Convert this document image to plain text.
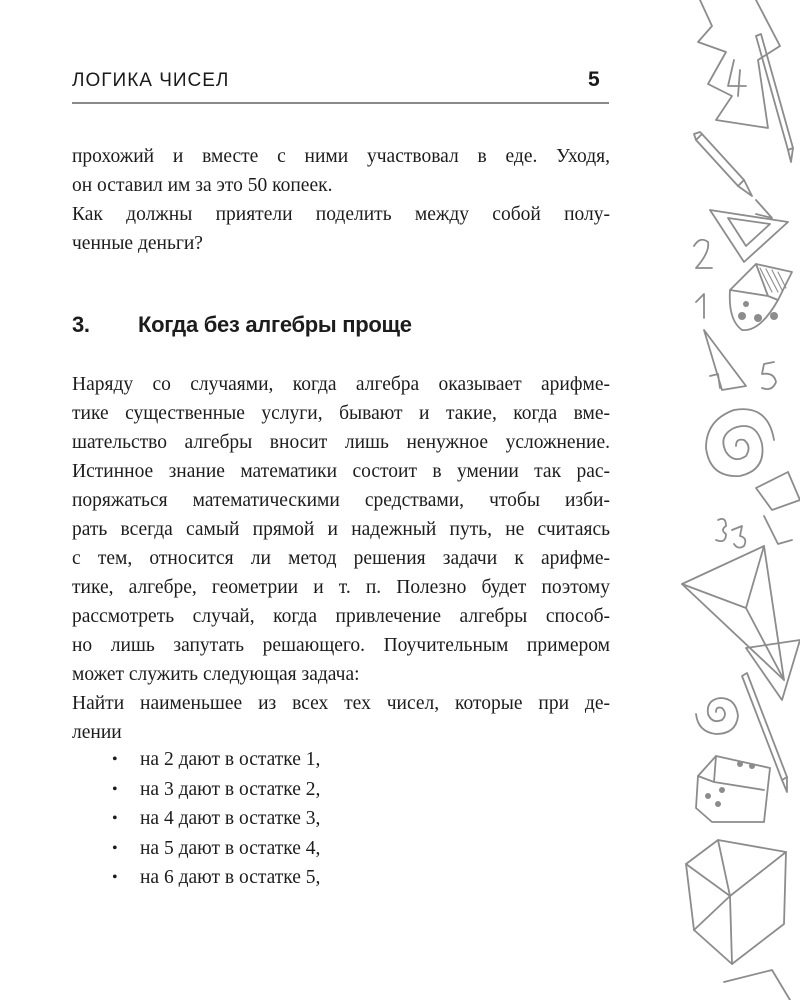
ЛОГИКА ЧИСЕЛ	5

прохожий и вместе с ними участвовал в еде. Уходя,

он оставил им за это 50 копеек.

Как должны приятели поделить между собой полу-

ченные деньги?

3. Когда без алгебры проще

Наряду со случаями, когда алгебра оказывает арифме-

тике существенные услуги, бывают и такие, когда вме-

шательство алгебры вносит лишь ненужное усложнение.

Истинное знание математики состоит в умении так рас-

поряжаться математическими средствами, чтобы изби-

рать всегда самый прямой и надежный путь, не считаясь

с тем, относится ли метод решения задачи к арифме-

тике, алгебре, геометрии и т. п. Полезно будет поэтому

рассмотреть случай, когда привлечение алгебры способ-

но лишь запутать решающего. Поучительным примером

может служить следующая задача:

Найти наименьшее из всех тех чисел, которые при де-

лении

• на 2 дают в остатке 1,
• на 3 дают в остатке 2,
• на 4 дают в остатке 3,
• на 5 дают в остатке 4,
• на 6 дают в остатке 5,
